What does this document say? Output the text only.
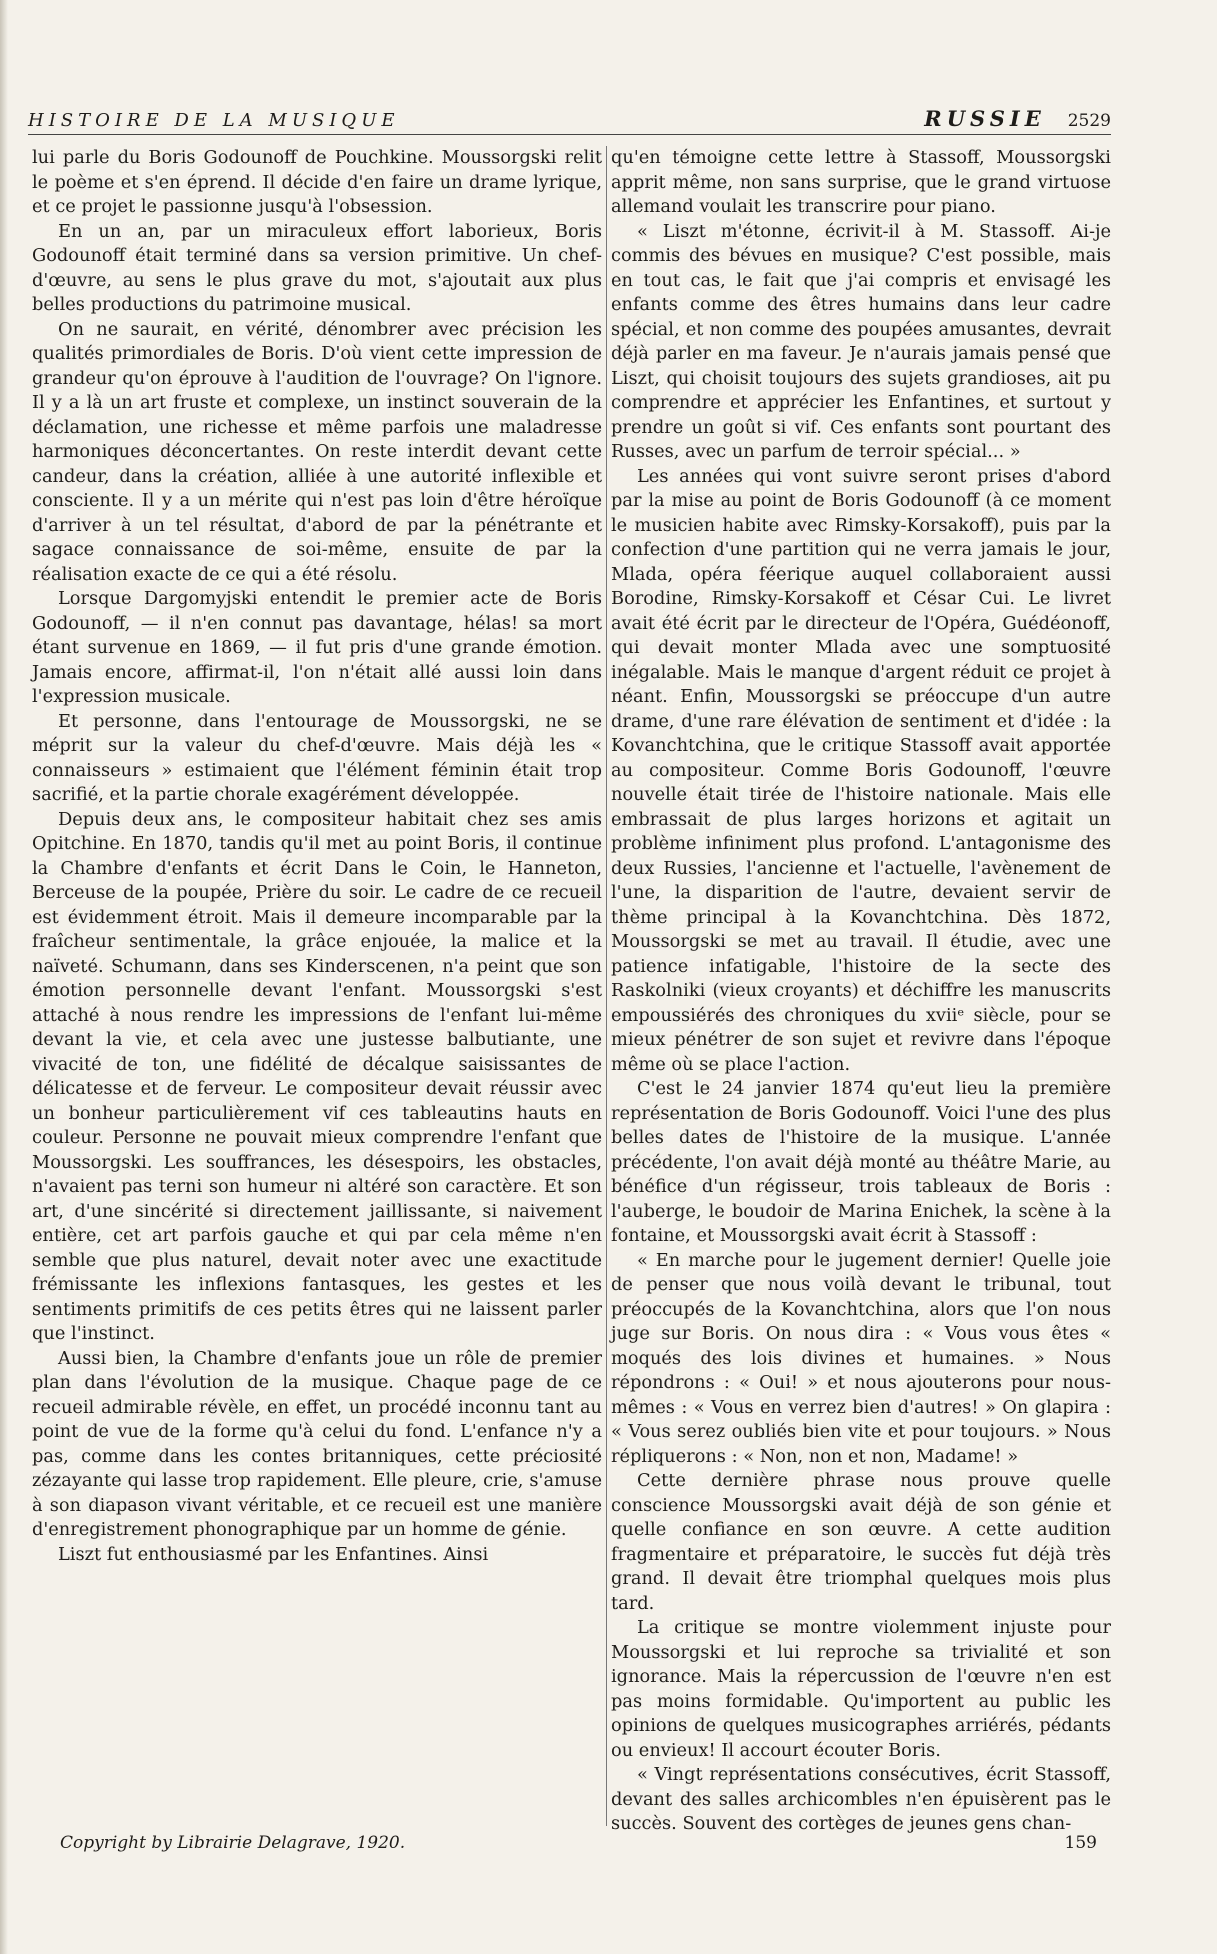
HISTOIRE DE LA MUSIQUE	RUSSIE 2529

lui parle du Boris Godounoff de Pouchkine. Moussorgski relit le poème et s'en éprend. Il décide d'en faire un drame lyrique, et ce projet le passionne jusqu'à l'obsession.

En un an, par un miraculeux effort laborieux, Boris Godounoff était terminé dans sa version primitive. Un chef-d'œuvre, au sens le plus grave du mot, s'ajoutait aux plus belles productions du patrimoine musical.

On ne saurait, en vérité, dénombrer avec précision les qualités primordiales de Boris. D'où vient cette impression de grandeur qu'on éprouve à l'audition de l'ouvrage? On l'ignore. Il y a là un art fruste et complexe, un instinct souverain de la déclamation, une richesse et même parfois une maladresse harmoniques déconcertantes. On reste interdit devant cette candeur, dans la création, alliée à une autorité inflexible et consciente. Il y a un mérite qui n'est pas loin d'être héroïque d'arriver à un tel résultat, d'abord de par la pénétrante et sagace connaissance de soi-même, ensuite de par la réalisation exacte de ce qui a été résolu.

Lorsque Dargomyjski entendit le premier acte de Boris Godounoff, — il n'en connut pas davantage, hélas! sa mort étant survenue en 1869, — il fut pris d'une grande émotion. Jamais encore, affirmat-il, l'on n'était allé aussi loin dans l'expression musicale.

Et personne, dans l'entourage de Moussorgski, ne se méprit sur la valeur du chef-d'œuvre. Mais déjà les « connaisseurs » estimaient que l'élément féminin était trop sacrifié, et la partie chorale exagérément développée.

Depuis deux ans, le compositeur habitait chez ses amis Opitchine. En 1870, tandis qu'il met au point Boris, il continue la Chambre d'enfants et écrit Dans le Coin, le Hanneton, Berceuse de la poupée, Prière du soir. Le cadre de ce recueil est évidemment étroit. Mais il demeure incomparable par la fraîcheur sentimentale, la grâce enjouée, la malice et la naïveté. Schumann, dans ses Kinderscenen, n'a peint que son émotion personnelle devant l'enfant. Moussorgski s'est attaché à nous rendre les impressions de l'enfant lui-même devant la vie, et cela avec une justesse balbutiante, une vivacité de ton, une fidélité de décalque saisissantes de délicatesse et de ferveur. Le compositeur devait réussir avec un bonheur particulièrement vif ces tableautins hauts en couleur. Personne ne pouvait mieux comprendre l'enfant que Moussorgski. Les souffrances, les désespoirs, les obstacles, n'avaient pas terni son humeur ni altéré son caractère. Et son art, d'une sincérité si directement jaillissante, si naivement entière, cet art parfois gauche et qui par cela même n'en semble que plus naturel, devait noter avec une exactitude frémissante les inflexions fantasques, les gestes et les sentiments primitifs de ces petits êtres qui ne laissent parler que l'instinct.

Aussi bien, la Chambre d'enfants joue un rôle de premier plan dans l'évolution de la musique. Chaque page de ce recueil admirable révèle, en effet, un procédé inconnu tant au point de vue de la forme qu'à celui du fond. L'enfance n'y a pas, comme dans les contes britanniques, cette préciosité zézayante qui lasse trop rapidement. Elle pleure, crie, s'amuse à son diapason vivant véritable, et ce recueil est une manière d'enregistrement phonographique par un homme de génie.

Liszt fut enthousiasmé par les Enfantines. Ainsi

qu'en témoigne cette lettre à Stassoff, Moussorgski apprit même, non sans surprise, que le grand virtuose allemand voulait les transcrire pour piano.

« Liszt m'étonne, écrivit-il à M. Stassoff. Ai-je commis des bévues en musique? C'est possible, mais en tout cas, le fait que j'ai compris et envisagé les enfants comme des êtres humains dans leur cadre spécial, et non comme des poupées amusantes, devrait déjà parler en ma faveur. Je n'aurais jamais pensé que Liszt, qui choisit toujours des sujets grandioses, ait pu comprendre et apprécier les Enfantines, et surtout y prendre un goût si vif. Ces enfants sont pourtant des Russes, avec un parfum de terroir spécial... »

Les années qui vont suivre seront prises d'abord par la mise au point de Boris Godounoff (à ce moment le musicien habite avec Rimsky-Korsakoff), puis par la confection d'une partition qui ne verra jamais le jour, Mlada, opéra féerique auquel collaboraient aussi Borodine, Rimsky-Korsakoff et César Cui. Le livret avait été écrit par le directeur de l'Opéra, Guédéonoff, qui devait monter Mlada avec une somptuosité inégalable. Mais le manque d'argent réduit ce projet à néant. Enfin, Moussorgski se préoccupe d'un autre drame, d'une rare élévation de sentiment et d'idée : la Kovanchtchina, que le critique Stassoff avait apportée au compositeur. Comme Boris Godounoff, l'œuvre nouvelle était tirée de l'histoire nationale. Mais elle embrassait de plus larges horizons et agitait un problème infiniment plus profond. L'antagonisme des deux Russies, l'ancienne et l'actuelle, l'avènement de l'une, la disparition de l'autre, devaient servir de thème principal à la Kovanchtchina. Dès 1872, Moussorgski se met au travail. Il étudie, avec une patience infatigable, l'histoire de la secte des Raskolniki (vieux croyants) et déchiffre les manuscrits empoussiérés des chroniques du xviiᵉ siècle, pour se mieux pénétrer de son sujet et revivre dans l'époque même où se place l'action.

C'est le 24 janvier 1874 qu'eut lieu la première représentation de Boris Godounoff. Voici l'une des plus belles dates de l'histoire de la musique. L'année précédente, l'on avait déjà monté au théâtre Marie, au bénéfice d'un régisseur, trois tableaux de Boris : l'auberge, le boudoir de Marina Enichek, la scène à la fontaine, et Moussorgski avait écrit à Stassoff :

« En marche pour le jugement dernier! Quelle joie de penser que nous voilà devant le tribunal, tout préoccupés de la Kovanchtchina, alors que l'on nous juge sur Boris. On nous dira : « Vous vous êtes « moqués des lois divines et humaines. » Nous répondrons : « Oui! » et nous ajouterons pour nous-mêmes : « Vous en verrez bien d'autres! » On glapira : « Vous serez oubliés bien vite et pour toujours. » Nous répliquerons : « Non, non et non, Madame! »

Cette dernière phrase nous prouve quelle conscience Moussorgski avait déjà de son génie et quelle confiance en son œuvre. A cette audition fragmentaire et préparatoire, le succès fut déjà très grand. Il devait être triomphal quelques mois plus tard.

La critique se montre violemment injuste pour Moussorgski et lui reproche sa trivialité et son ignorance. Mais la répercussion de l'œuvre n'en est pas moins formidable. Qu'importent au public les opinions de quelques musicographes arriérés, pédants ou envieux! Il accourt écouter Boris.

« Vingt représentations consécutives, écrit Stassoff, devant des salles archicombles n'en épuisèrent pas le succès. Souvent des cortèges de jeunes gens chan-

Copyright by Librairie Delagrave, 1920.	159
